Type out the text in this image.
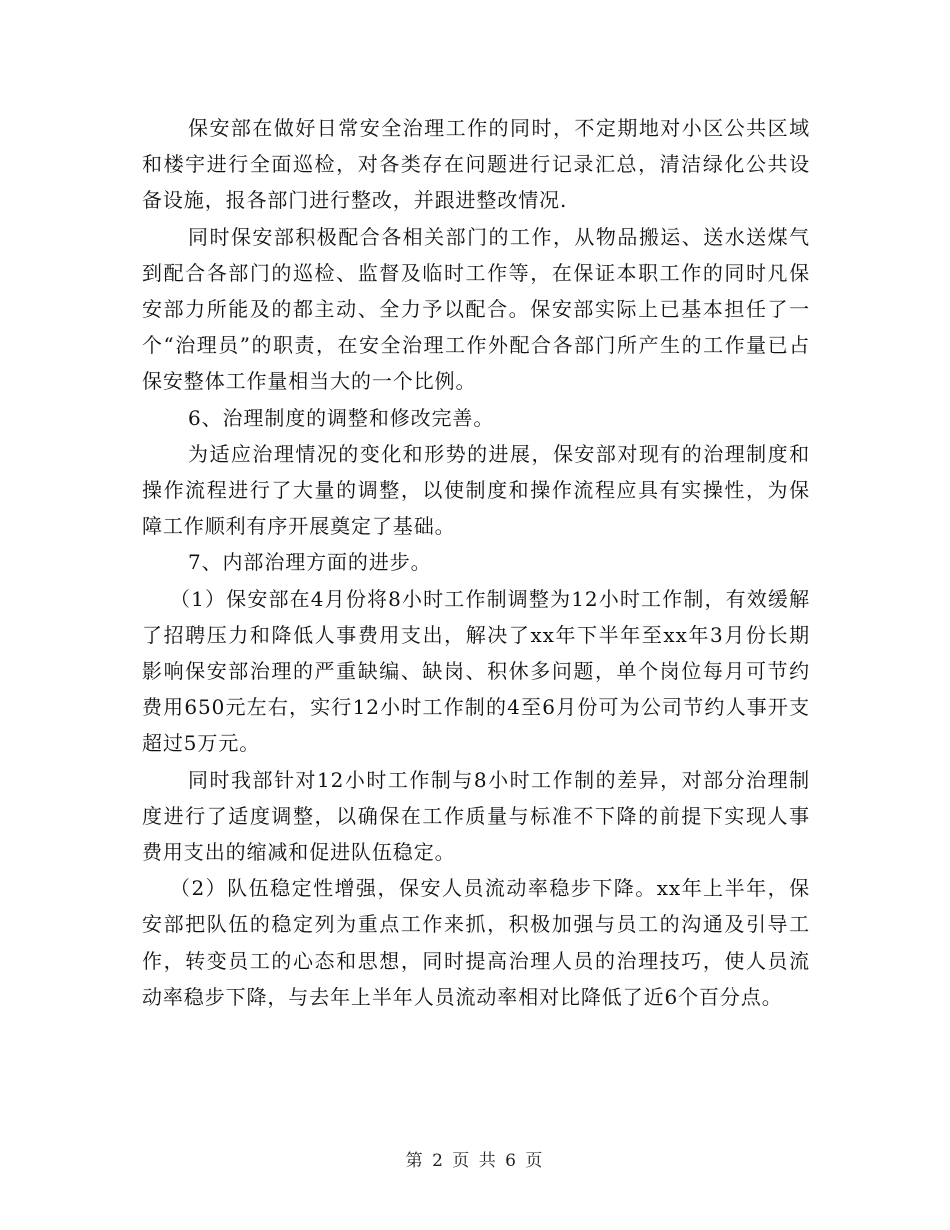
保安部在做好日常安全治理工作的同时，不定期地对小区公共区域和楼宇进行全面巡检，对各类存在问题进行记录汇总，清洁绿化公共设备设施，报各部门进行整改，并跟进整改情况.

同时保安部积极配合各相关部门的工作，从物品搬运、送水送煤气到配合各部门的巡检、监督及临时工作等，在保证本职工作的同时凡保安部力所能及的都主动、全力予以配合。保安部实际上已基本担任了一个“治理员”的职责，在安全治理工作外配合各部门所产生的工作量已占保安整体工作量相当大的一个比例。

6、治理制度的调整和修改完善。

为适应治理情况的变化和形势的进展，保安部对现有的治理制度和操作流程进行了大量的调整，以使制度和操作流程应具有实操性，为保障工作顺利有序开展奠定了基础。

7、内部治理方面的进步。

（1）保安部在4月份将8小时工作制调整为12小时工作制，有效缓解了招聘压力和降低人事费用支出，解决了xx年下半年至xx年3月份长期影响保安部治理的严重缺编、缺岗、积休多问题，单个岗位每月可节约费用650元左右，实行12小时工作制的4至6月份可为公司节约人事开支超过5万元。

同时我部针对12小时工作制与8小时工作制的差异，对部分治理制度进行了适度调整，以确保在工作质量与标准不下降的前提下实现人事费用支出的缩减和促进队伍稳定。

（2）队伍稳定性增强，保安人员流动率稳步下降。xx年上半年，保安部把队伍的稳定列为重点工作来抓，积极加强与员工的沟通及引导工作，转变员工的心态和思想，同时提高治理人员的治理技巧，使人员流动率稳步下降，与去年上半年人员流动率相对比降低了近6个百分点。

第 2 页 共 6 页
